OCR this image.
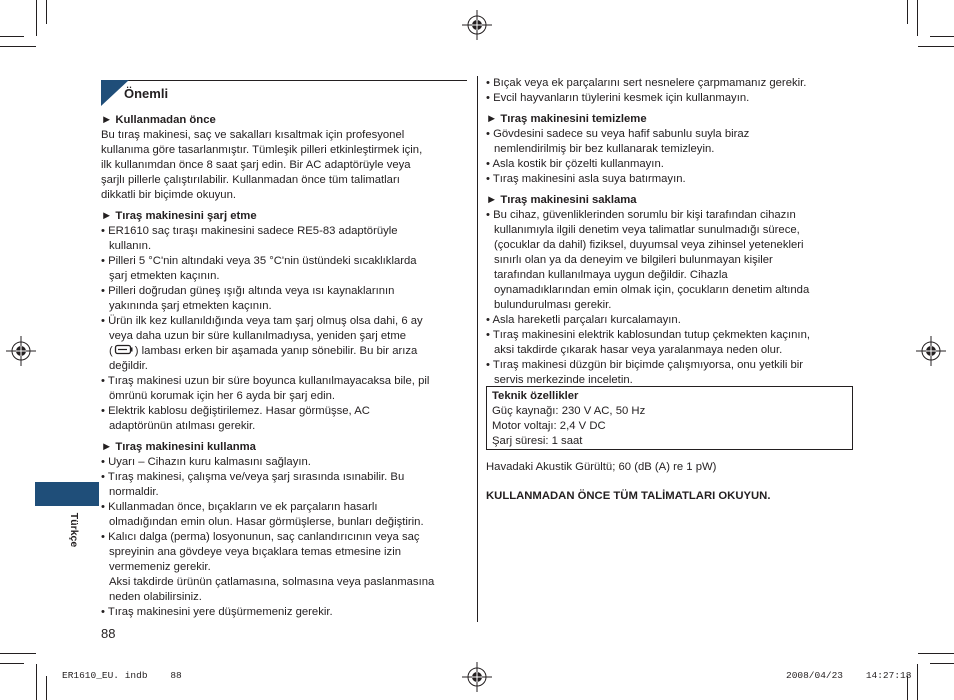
Önemli
Türkçe
► Kullanmadan önce
Bu tıraş makinesi, saç ve sakalları kısaltmak için profesyonel
kullanıma göre tasarlanmıştır. Tümleşik pilleri etkinleştirmek için,
ilk kullanımdan önce 8 saat şarj edin. Bir AC adaptörüyle veya
şarjlı pillerle çalıştırılabilir. Kullanmadan önce tüm talimatları
dikkatli bir biçimde okuyun.
► Tıraş makinesini şarj etme
• ER1610 saç tıraşı makinesini sadece RE5-83 adaptörüyle
kullanın.
• Pilleri 5 °C'nin altındaki veya 35 °C'nin üstündeki sıcaklıklarda
şarj etmekten kaçının.
• Pilleri doğrudan güneş ışığı altında veya ısı kaynaklarının
yakınında şarj etmekten kaçının.
• Ürün ilk kez kullanıldığında veya tam şarj olmuş olsa dahi, 6 ay
veya daha uzun bir süre kullanılmadıysa, yeniden şarj etme
( ) lambası erken bir aşamada yanıp sönebilir. Bu bir arıza
değildir.
• Tıraş makinesi uzun bir süre boyunca kullanılmayacaksa bile, pil
ömrünü korumak için her 6 ayda bir şarj edin.
• Elektrik kablosu değiştirilemez. Hasar görmüşse, AC
adaptörünün atılması gerekir.
► Tıraş makinesini kullanma
• Uyarı – Cihazın kuru kalmasını sağlayın.
• Tıraş makinesi, çalışma ve/veya şarj sırasında ısınabilir. Bu
normaldir.
• Kullanmadan önce, bıçakların ve ek parçaların hasarlı
olmadığından emin olun. Hasar görmüşlerse, bunları değiştirin.
• Kalıcı dalga (perma) losyonunun, saç canlandırıcının veya saç
spreyinin ana gövdeye veya bıçaklara temas etmesine izin
vermemeniz gerekir.
Aksi takdirde ürünün çatlamasına, solmasına veya paslanmasına
neden olabilirsiniz.
• Tıraş makinesini yere düşürmemeniz gerekir.
88
• Bıçak veya ek parçalarını sert nesnelere çarpmamanız gerekir.
• Evcil hayvanların tüylerini kesmek için kullanmayın.
► Tıraş makinesini temizleme
• Gövdesini sadece su veya hafif sabunlu suyla biraz
nemlendirilmiş bir bez kullanarak temizleyin.
• Asla kostik bir çözelti kullanmayın.
• Tıraş makinesini asla suya batırmayın.
► Tıraş makinesini saklama
• Bu cihaz, güvenliklerinden sorumlu bir kişi tarafından cihazın
kullanımıyla ilgili denetim veya talimatlar sunulmadığı sürece,
(çocuklar da dahil) fiziksel, duyumsal veya zihinsel yetenekleri
sınırlı olan ya da deneyim ve bilgileri bulunmayan kişiler
tarafından kullanılmaya uygun değildir. Cihazla
oynamadıklarından emin olmak için, çocukların denetim altında
bulundurulması gerekir.
• Asla hareketli parçaları kurcalamayın.
• Tıraş makinesini elektrik kablosundan tutup çekmekten kaçının,
aksi takdirde çıkarak hasar veya yaralanmaya neden olur.
• Tıraş makinesi düzgün bir biçimde çalışmıyorsa, onu yetkili bir
servis merkezinde inceletin.
Teknik özellikler
Güç kaynağı: 230 V AC, 50 Hz
Motor voltajı: 2,4 V DC
Şarj süresi: 1 saat
Havadaki Akustik Gürültü; 60 (dB (A) re 1 pW)
KULLANMADAN ÖNCE TÜM TALİMATLARI OKUYUN.
ER1610_EU. indb    88	2008/04/23    14:27:18
